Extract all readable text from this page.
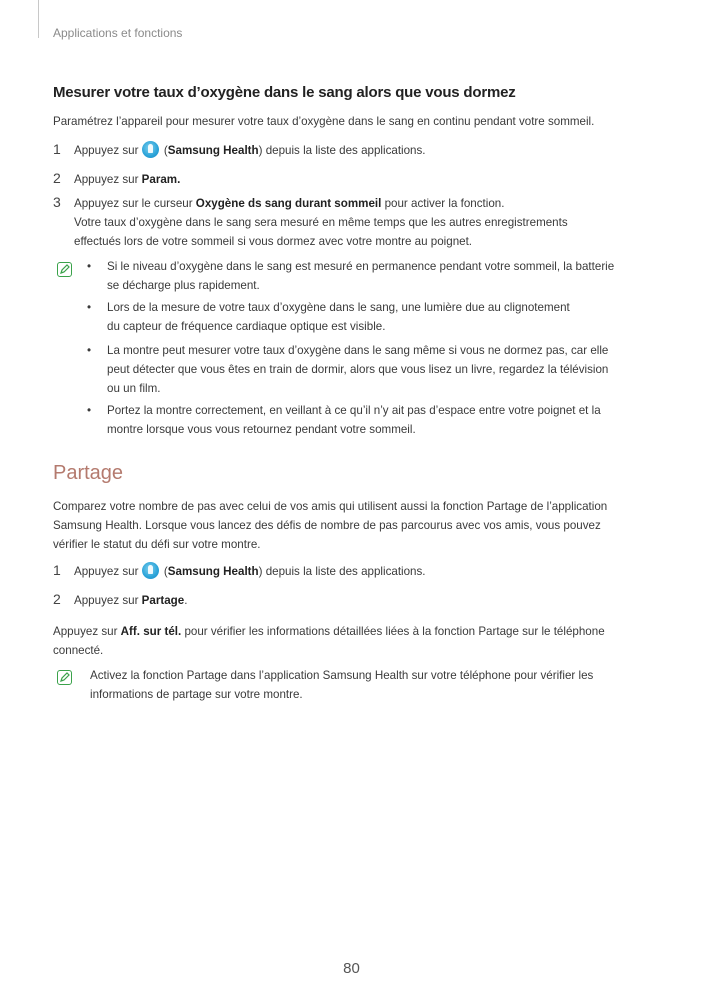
Applications et fonctions
Mesurer votre taux d’oxygène dans le sang alors que vous dormez
Paramétrez l’appareil pour mesurer votre taux d’oxygène dans le sang en continu pendant votre sommeil.
1 Appuyez sur  (Samsung Health) depuis la liste des applications.
2 Appuyez sur Param.
3 Appuyez sur le curseur Oxygène ds sang durant sommeil pour activer la fonction.
Votre taux d’oxygène dans le sang sera mesuré en même temps que les autres enregistrements
effectués lors de votre sommeil si vous dormez avec votre montre au poignet.
• Si le niveau d’oxygène dans le sang est mesuré en permanence pendant votre sommeil, la batterie
se décharge plus rapidement.
• Lors de la mesure de votre taux d’oxygène dans le sang, une lumière due au clignotement
du capteur de fréquence cardiaque optique est visible.
• La montre peut mesurer votre taux d’oxygène dans le sang même si vous ne dormez pas, car elle
peut détecter que vous êtes en train de dormir, alors que vous lisez un livre, regardez la télévision
ou un film.
• Portez la montre correctement, en veillant à ce qu’il n’y ait pas d’espace entre votre poignet et la
montre lorsque vous vous retournez pendant votre sommeil.
Partage
Comparez votre nombre de pas avec celui de vos amis qui utilisent aussi la fonction Partage de l’application
Samsung Health. Lorsque vous lancez des défis de nombre de pas parcourus avec vos amis, vous pouvez
vérifier le statut du défi sur votre montre.
1 Appuyez sur  (Samsung Health) depuis la liste des applications.
2 Appuyez sur Partage.
Appuyez sur Aff. sur tél. pour vérifier les informations détaillées liées à la fonction Partage sur le téléphone
connecté.
Activez la fonction Partage dans l’application Samsung Health sur votre téléphone pour vérifier les
informations de partage sur votre montre.
80
